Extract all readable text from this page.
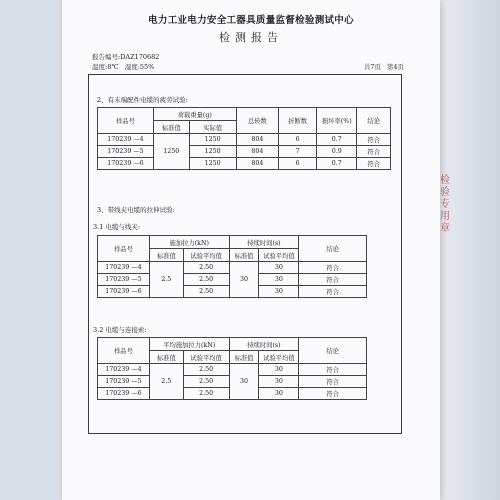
电力工业电力安全工器具质量监督检验测试中心
检测报告
报告编号:DAZ170682
温度:8℃ 湿度:55%	共7页 第4页
2、有末端配件电缆的疲劳试验:
样品号	荷载重量(g)		总转数	折断数	损坏率(%)	结论
	标准值	实际值				
170239 —4	1250	1250	804	6	0.7	符合
170239 —5		1250	804	7	0.9	符合
170239 —6		1250	804	6	0.7	符合
3、带线夹电缆的拉伸试验:
3.1 电缆与线夹:
样品号	施加拉力(kN)		持续时间(s)		结论
	标准值	试验平均值	标准值	试验平均值	
170239 —4	2.5	2.50	30	30	符合
170239 —5		2.50		30	符合
170239 —6		2.50		30	符合
3.2 电缆与连接索:
样品号	平均施加拉力(kN)		持续时间(s)		结论
	标准值	试验平均值	标准值	试验平均值	
170239 —4	2.5	2.50	30	30	符合
170239 —5		2.50		30	符合
170239 —6		2.50		30	符合
检验专用章
